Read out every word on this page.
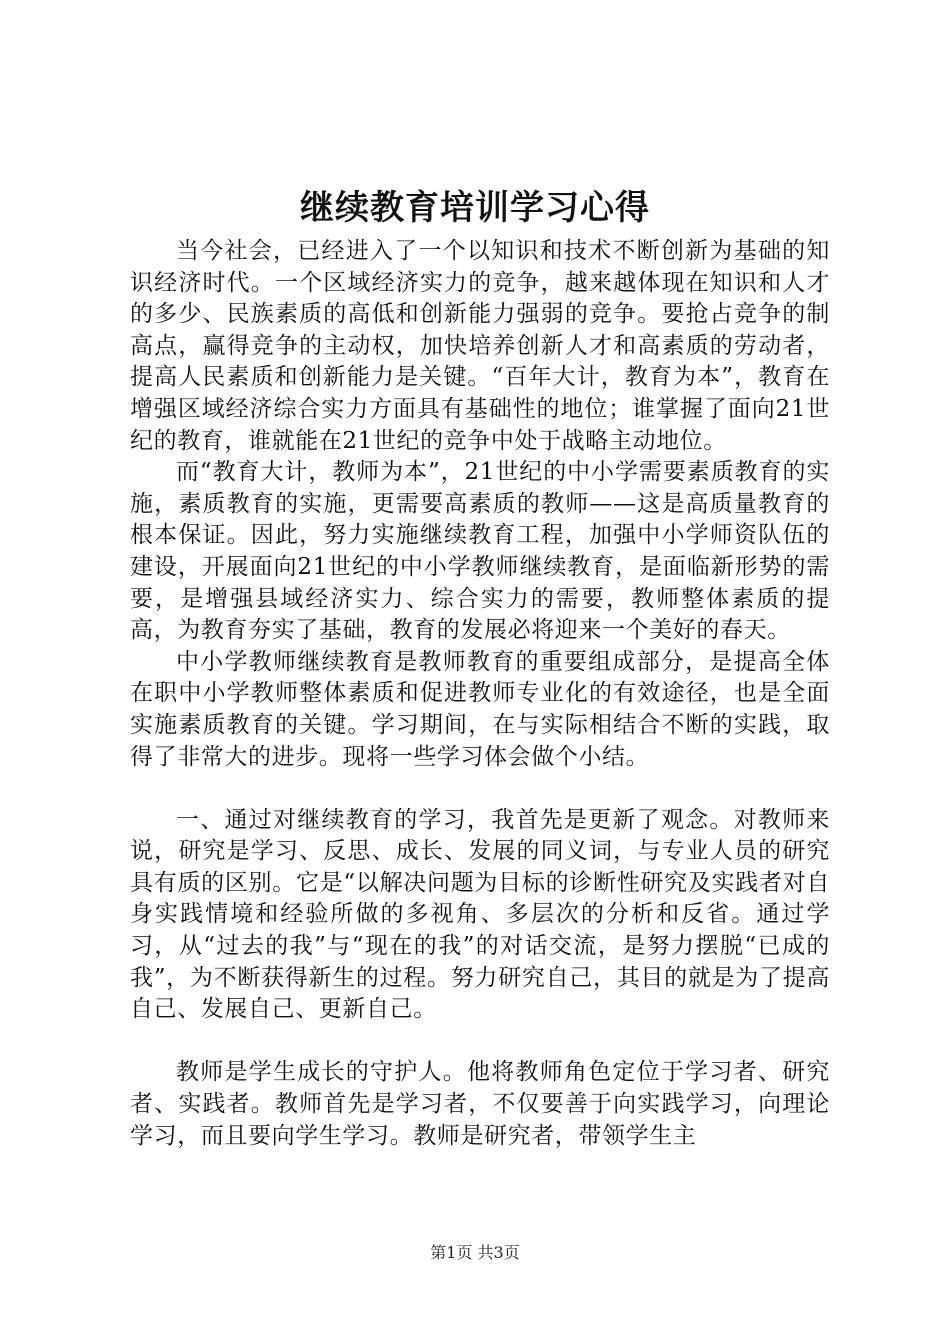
继续教育培训学习心得

当今社会，已经进入了一个以知识和技术不断创新为基础的知识经济时代。一个区域经济实力的竞争，越来越体现在知识和人才的多少、民族素质的高低和创新能力强弱的竞争。要抢占竞争的制高点，赢得竞争的主动权，加快培养创新人才和高素质的劳动者，提高人民素质和创新能力是关键。“百年大计，教育为本”，教育在增强区域经济综合实力方面具有基础性的地位；谁掌握了面向21世纪的教育，谁就能在21世纪的竞争中处于战略主动地位。

而“教育大计，教师为本”，21世纪的中小学需要素质教育的实施，素质教育的实施，更需要高素质的教师——这是高质量教育的根本保证。因此，努力实施继续教育工程，加强中小学师资队伍的建设，开展面向21世纪的中小学教师继续教育，是面临新形势的需要，是增强县域经济实力、综合实力的需要，教师整体素质的提高，为教育夯实了基础，教育的发展必将迎来一个美好的春天。

中小学教师继续教育是教师教育的重要组成部分，是提高全体在职中小学教师整体素质和促进教师专业化的有效途径，也是全面实施素质教育的关键。学习期间，在与实际相结合不断的实践，取得了非常大的进步。现将一些学习体会做个小结。

一、通过对继续教育的学习，我首先是更新了观念。对教师来说，研究是学习、反思、成长、发展的同义词，与专业人员的研究具有质的区别。它是“以解决问题为目标的诊断性研究及实践者对自身实践情境和经验所做的多视角、多层次的分析和反省。通过学习，从“过去的我”与“现在的我”的对话交流，是努力摆脱“已成的我”，为不断获得新生的过程。努力研究自己，其目的就是为了提高自己、发展自己、更新自己。

教师是学生成长的守护人。他将教师角色定位于学习者、研究者、实践者。教师首先是学习者，不仅要善于向实践学习，向理论学习，而且要向学生学习。教师是研究者，带领学生主

第1页 共3页
